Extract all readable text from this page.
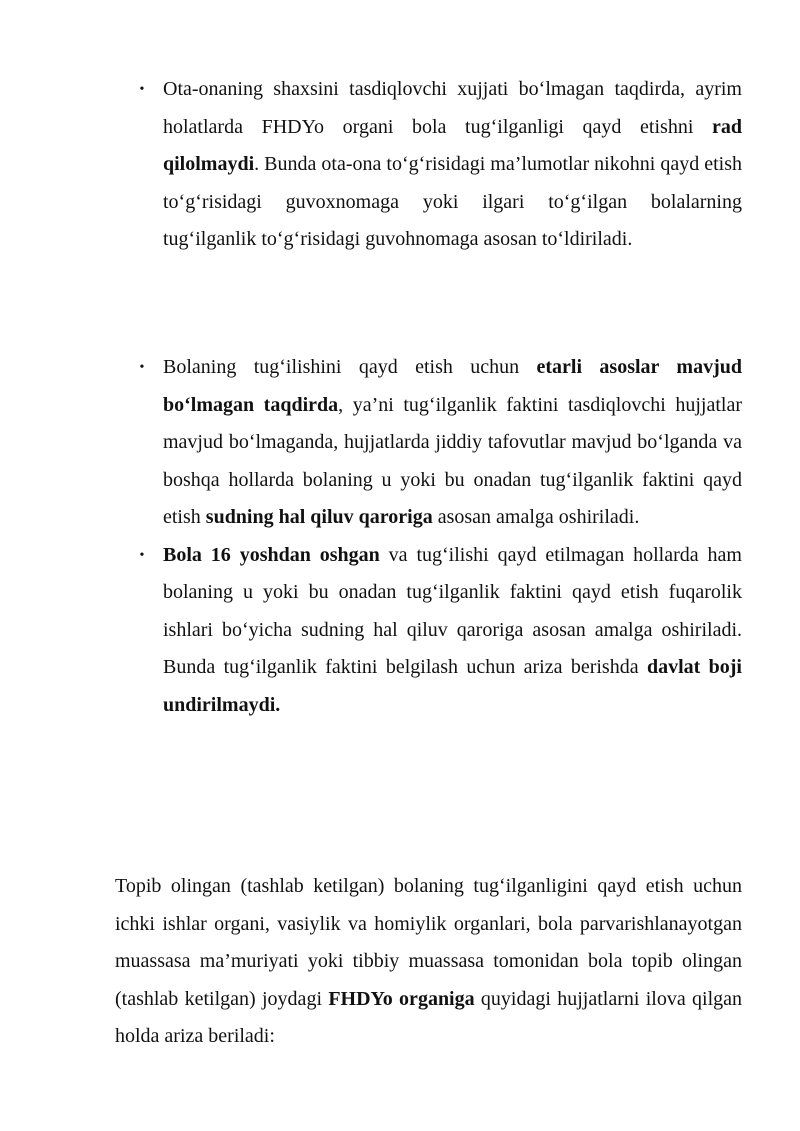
• Ota-onaning shaxsini tasdiqlovchi xujjati bo‘lmagan taqdirda, ayrim holatlarda FHDYo organi bola tug‘ilganligi qayd etishni rad qilolmaydi. Bunda ota-ona to‘g‘risidagi ma’lumotlar nikohni qayd etish to‘g‘risidagi guvoxnomaga yoki ilgari to‘g‘ilgan bolalarning tug‘ilganlik to‘g‘risidagi guvohnomaga asosan to‘ldiriladi.
• Bolaning tug‘ilishini qayd etish uchun etarli asoslar mavjud bo‘lmagan taqdirda, ya’ni tug‘ilganlik faktini tasdiqlovchi hujjatlar mavjud bo‘lmaganda, hujjatlarda jiddiy tafovutlar mavjud bo‘lganda va boshqa hollarda bolaning u yoki bu onadan tug‘ilganlik faktini qayd etish sudning hal qiluv qaroriga asosan amalga oshiriladi.
• Bola 16 yoshdan oshgan va tug‘ilishi qayd etilmagan hollarda ham bolaning u yoki bu onadan tug‘ilganlik faktini qayd etish fuqarolik ishlari bo‘yicha sudning hal qiluv qaroriga asosan amalga oshiriladi. Bunda tug‘ilganlik faktini belgilash uchun ariza berishda davlat boji undirilmaydi.

Topib olingan (tashlab ketilgan) bolaning tug‘ilganligini qayd etish uchun ichki ishlar organi, vasiylik va homiylik organlari, bola parvarishlanayotgan muassasa ma’muriyati yoki tibbiy muassasa tomonidan bola topib olingan (tashlab ketilgan) joydagi FHDYo organiga quyidagi hujjatlarni ilova qilgan holda ariza beriladi:
